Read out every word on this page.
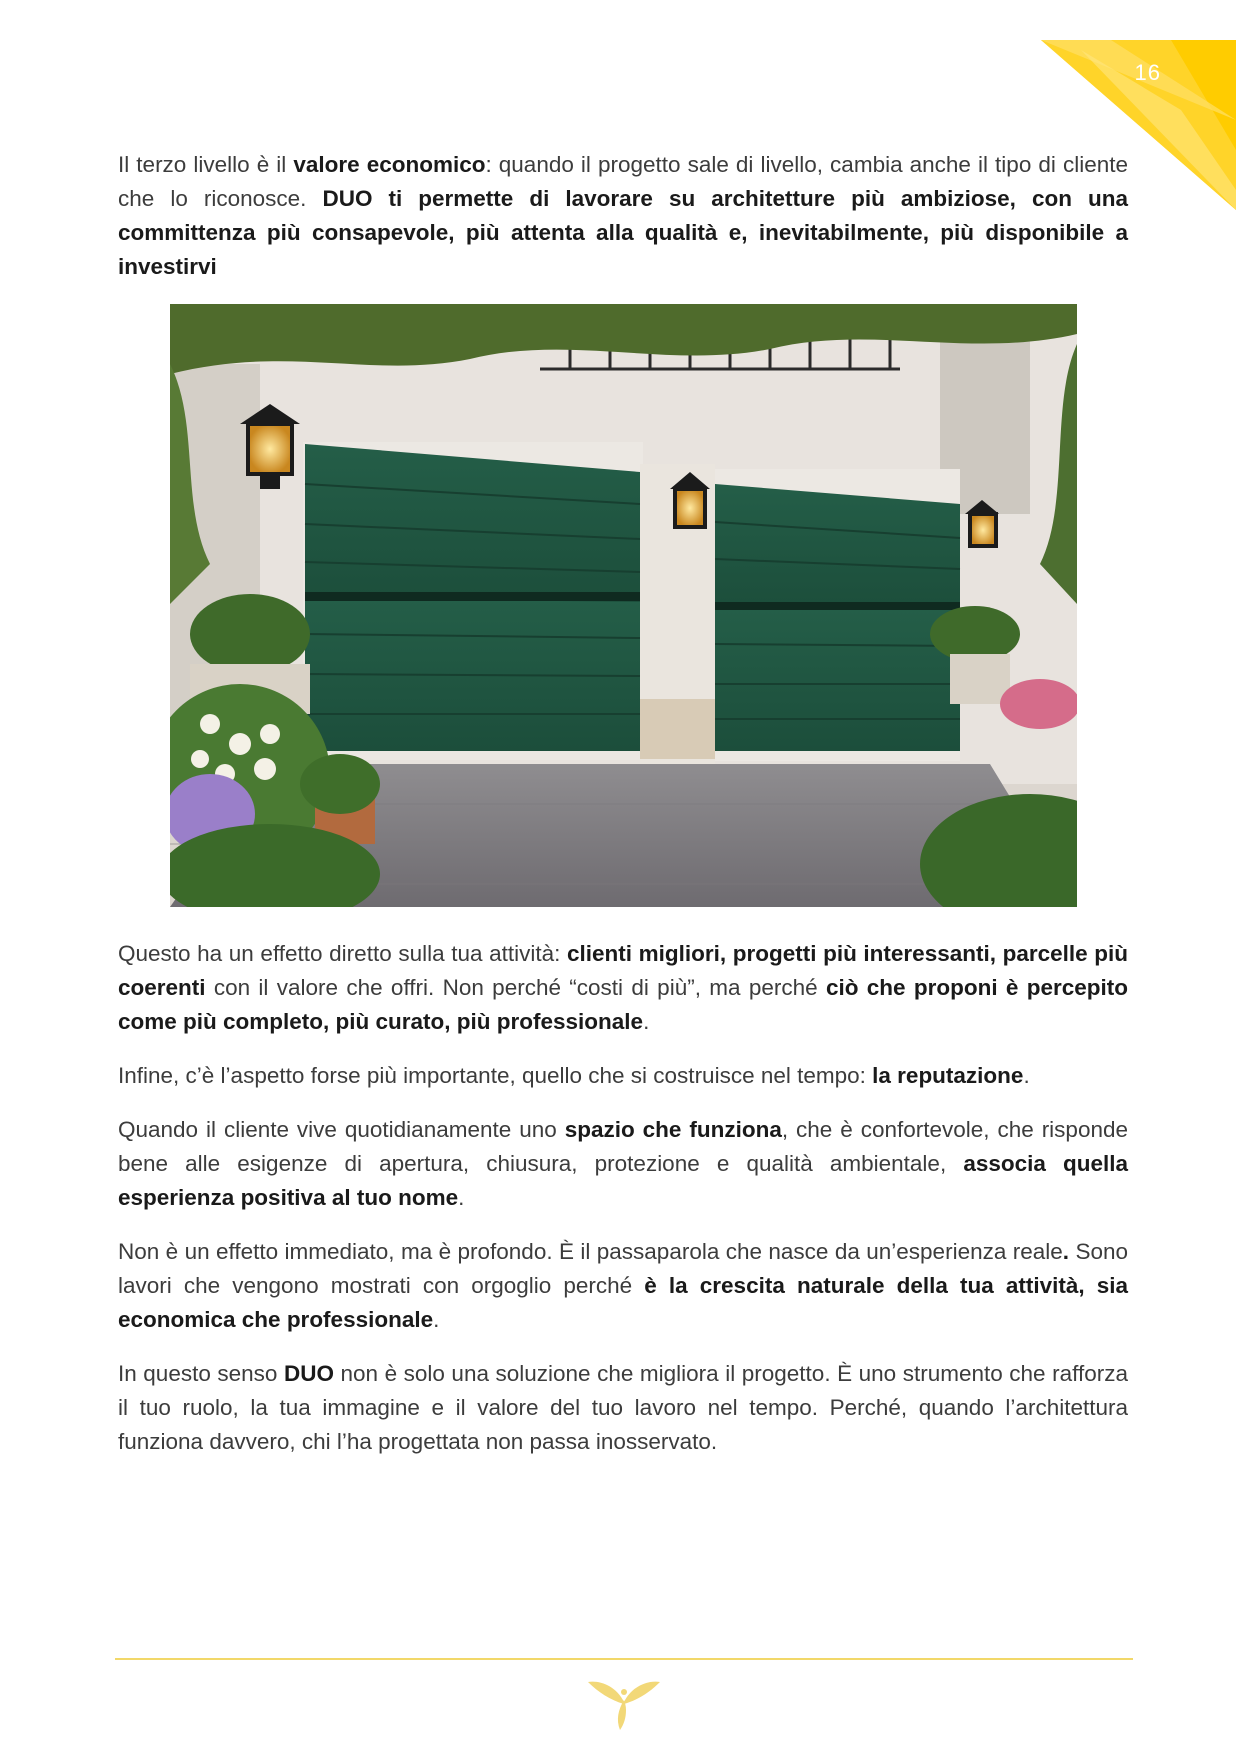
16

Il terzo livello è il valore economico: quando il progetto sale di livello, cambia anche il tipo di cliente che lo riconosce. DUO ti permette di lavorare su architetture più ambiziose, con una committenza più consapevole, più attenta alla qualità e, inevitabilmente, più disponibile a investirvi

Questo ha un effetto diretto sulla tua attività: clienti migliori, progetti più interessanti, parcelle più coerenti con il valore che offri. Non perché “costi di più”, ma perché ciò che proponi è percepito come più completo, più curato, più professionale.

Infine, c’è l’aspetto forse più importante, quello che si costruisce nel tempo: la reputazione.

Quando il cliente vive quotidianamente uno spazio che funziona, che è confortevole, che risponde bene alle esigenze di apertura, chiusura, protezione e qualità ambientale, associa quella esperienza positiva al tuo nome.

Non è un effetto immediato, ma è profondo. È il passaparola che nasce da un’esperienza reale. Sono lavori che vengono mostrati con orgoglio perché è la crescita naturale della tua attività, sia economica che professionale.

In questo senso DUO non è solo una soluzione che migliora il progetto. È uno strumento che rafforza il tuo ruolo, la tua immagine e il valore del tuo lavoro nel tempo. Perché, quando l’architettura funziona davvero, chi l’ha progettata non passa inosservato.
